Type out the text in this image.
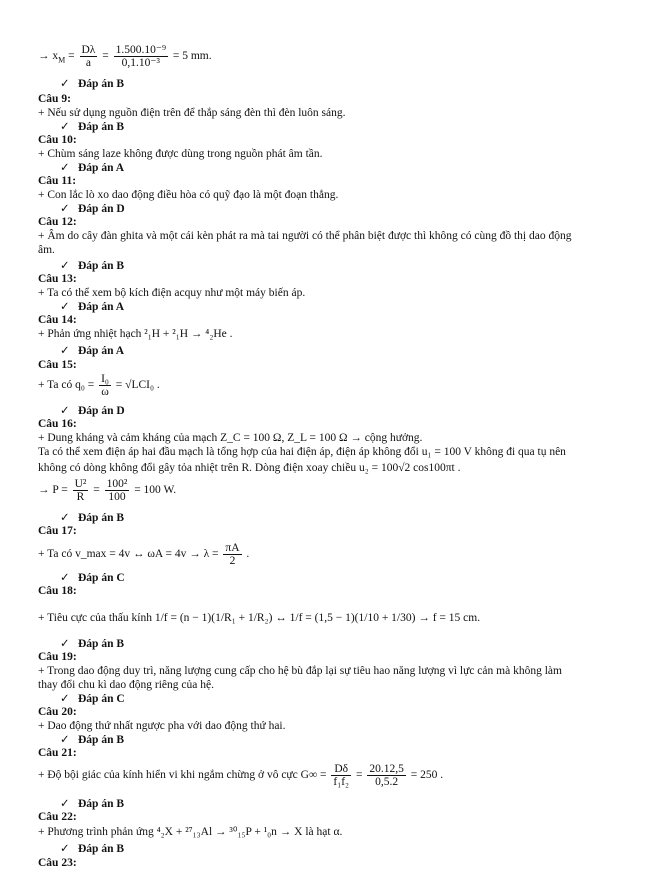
→ $x_M = \frac{D\lambda}{a} = \frac{\text{1.500.10⁻⁹}}{\text{0,1.10⁻³}} = 5$ mm.
✓ Đáp án B
Câu 9:
+ Nếu sử dụng nguồn điện trên để thắp sáng đèn thì đèn luôn sáng.
✓ Đáp án B
Câu 10:
+ Chùm sáng laze không được dùng trong nguồn phát âm tần.
✓ Đáp án A
Câu 11:
+ Con lắc lò xo dao động điều hòa có quỹ đạo là một đoạn thẳng.
✓ Đáp án D
Câu 12:
+ Âm do cây đàn ghita và một cái kèn phát ra mà tai người có thể phân biệt được thì không có cùng đồ thị dao động
âm.
✓ Đáp án B
Câu 13:
+ Ta có thể xem bộ kích điện acquy như một máy biến áp.
✓ Đáp án A
Câu 14:
+ Phản ứng nhiệt hạch ²₁H + ²₁H → ⁴₂He .
✓ Đáp án A
Câu 15:
+ Ta có $q_0 = \frac{\text{I₀}}{\omega} = √LCI_0$ .
✓ Đáp án D
Câu 16:
+ Dung kháng và cảm kháng của mạch Z_C = 100 Ω, Z_L = 100 Ω → cộng hưởng.
Ta có thể xem điện áp hai đầu mạch là tổng hợp của hai điện áp, điện áp không đổi u₁ = 100 V không đi qua tụ nên
không có dòng không đổi gây tỏa nhiệt trên R. Dòng điện xoay chiều u₂ = 100√2 cos100πt .
→ $P = \frac{\text{U²}}{R} = \frac{\text{100²}}{100} = 100$ W.
✓ Đáp án B
Câu 17:
+ Ta có v_max = 4v ↔ $\omega A = 4v \to \lambda = \frac{\pi A}{2}$ .
✓ Đáp án C
Câu 18:
+ Tiêu cực của thấu kính 1/f = (n − 1)(1/R₁ + 1/R₂) ↔ 1/f = (1,5 − 1)(1/10 + 1/30) → f = 15 cm.
✓ Đáp án B
Câu 19:
+ Trong dao động duy trì, năng lượng cung cấp cho hệ bù đắp lại sự tiêu hao năng lượng vì lực cản mà không làm
thay đổi chu kì dao động riêng của hệ.
✓ Đáp án C
Câu 20:
+ Dao động thứ nhất ngược pha với dao động thứ hai.
✓ Đáp án B
Câu 21:
+ Độ bội giác của kính hiển vi khi ngắm chừng ở vô cực $G\infty = \frac{D\delta}{\text{f₁f₂}} = \frac{20.12,5}{0,5.2} = 250$ .
✓ Đáp án B
Câu 22:
+ Phương trình phản ứng ⁴₂X + ²⁷₁₃Al → ³⁰₁₅P + ¹₀n → X là hạt α.
✓ Đáp án B
Câu 23:
